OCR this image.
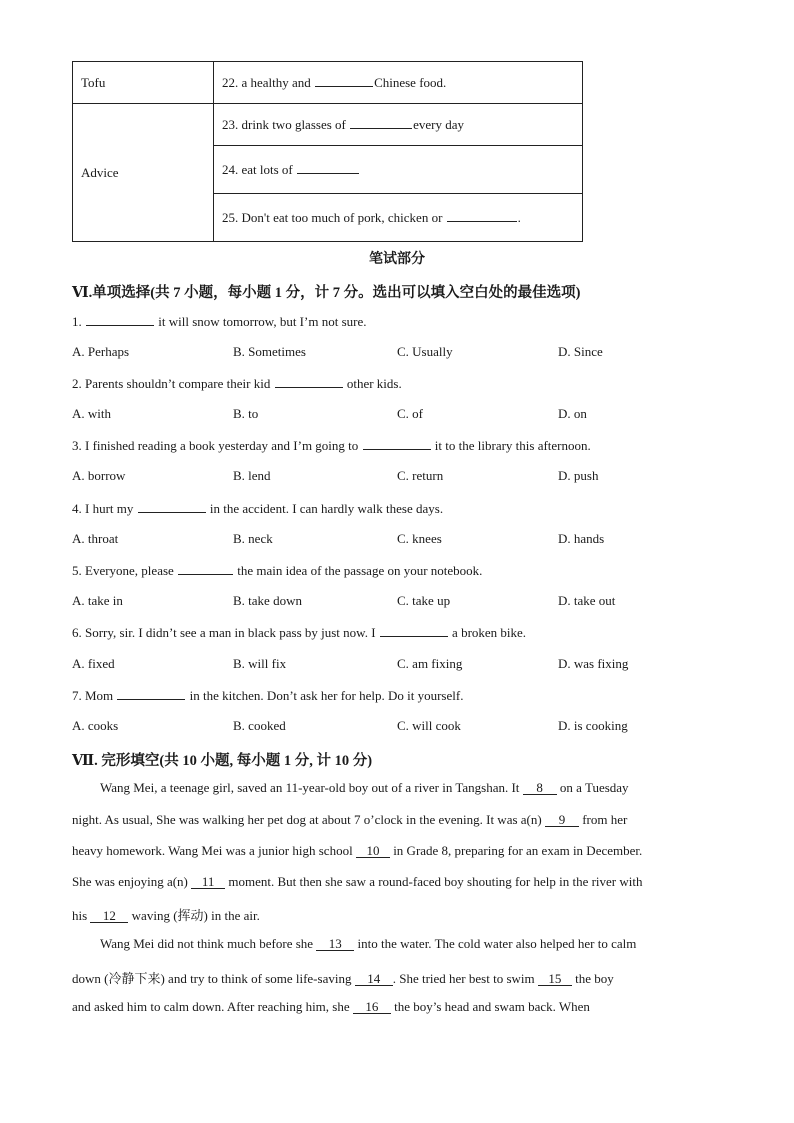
Tofu	22. a healthy and Chinese food.
Advice	23. drink two glasses of every day
	24. eat lots of
	25. Don't eat too much of pork, chicken or .
笔试部分
Ⅵ.单项选择(共 7 小题，每小题 1 分，计 7 分。选出可以填入空白处的最佳选项)
1.	it will snow tomorrow, but I’m not sure.
A. Perhaps	B. Sometimes	C. Usually	D. Since
2. Parents shouldn’t compare their kid	other kids.
A. with	B. to	C. of	D. on
3. I finished reading a book yesterday and I’m going to	it to the library this afternoon.
A. borrow	B. lend	C. return	D. push
4. I hurt my	in the accident. I can hardly walk these days.
A. throat	B. neck	C. knees	D. hands
5. Everyone, please	the main idea of the passage on your notebook.
A. take in	B. take down	C. take up	D. take out
6. Sorry, sir. I didn’t see a man in black pass by just now. I	a broken bike.
A. fixed	B. will fix	C. am fixing	D. was fixing
7. Mom	in the kitchen. Don’t ask her for help. Do it yourself.
A. cooks	B. cooked	C. will cook	D. is cooking
Ⅶ. 完形填空(共 10 小题, 每小题 1 分, 计 10 分)
Wang Mei, a teenage girl, saved an 11-year-old boy out of a river in Tangshan. It 8 on a Tuesday
night. As usual, She was walking her pet dog at about 7 o’clock in the evening. It was a(n) 9 from her
heavy homework. Wang Mei was a junior high school 10 in Grade 8, preparing for an exam in December.
She was enjoying a(n) 11 moment. But then she saw a round-faced boy shouting for help in the river with
his 12 waving (挥动) in the air.
Wang Mei did not think much before she 13 into the water. The cold water also helped her to calm
down (冷静下来) and try to think of some life-saving 14 . She tried her best to swim 15 the boy
and asked him to calm down. After reaching him, she 16 the boy’s head and swam back. When
